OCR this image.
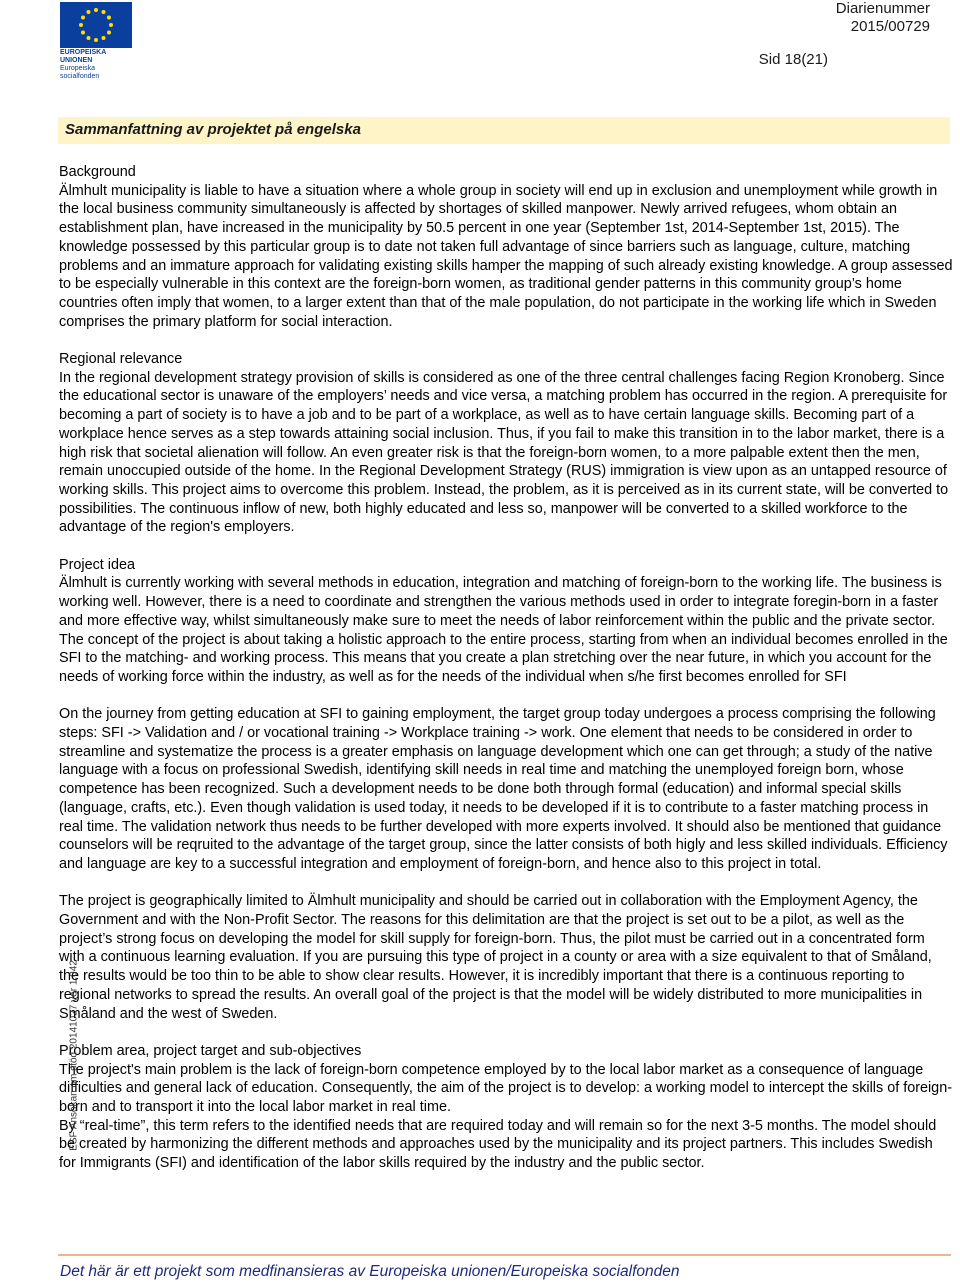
EUROPEISKA UNIONEN
Europeiska socialfonden
Diarienummer
2015/00729
Sid 18(21)
Sammanfattning av projektet på engelska
Background
Älmhult municipality is liable to have a situation where a whole group in society will end up in exclusion and unemployment while growth in the local business community simultaneously is affected by shortages of skilled manpower. Newly arrived refugees, whom obtain an establishment plan, have increased in the municipality by 50.5 percent in one year (September 1st, 2014-September 1st, 2015). The knowledge possessed by this particular group is to date not taken full advantage of since barriers such as language, culture, matching problems and an immature approach for validating existing skills hamper the mapping of such already existing knowledge. A group assessed to be especially vulnerable in this context are the foreign-born women, as traditional gender patterns in this community group’s home countries often imply that women, to a larger extent than that of the male population, do not participate in the working life which in Sweden comprises the primary platform for social interaction.
Regional relevance
In the regional development strategy provision of skills is considered as one of the three central challenges facing Region Kronoberg. Since the educational sector is unaware of the employers’ needs and vice versa, a matching problem has occurred in the region. A prerequisite for becoming a part of society is to have a job and to be part of a workplace, as well as to have certain language skills. Becoming part of a workplace hence serves as a step towards attaining social inclusion. Thus, if you fail to make this transition in to the labor market, there is a high risk that societal alienation will follow. An even greater risk is that the foreign-born women, to a more palpable extent then the men, remain unoccupied outside of the home. In the Regional Development Strategy (RUS) immigration is view upon as an untapped resource of working skills. This project aims to overcome this problem. Instead, the problem, as it is perceived as in its current state, will be converted to possibilities. The continuous inflow of new, both highly educated and less so, manpower will be converted to a skilled workforce to the advantage of the region's employers.
Project idea
Älmhult is currently working with several methods in education, integration and matching of foreign-born to the working life. The business is working well. However, there is a need to coordinate and strengthen the various methods used in order to integrate foregin-born in a faster and more effective way, whilst simultaneously make sure to meet the needs of labor reinforcement within the public and the private sector. The concept of the project is about taking a holistic approach to the entire process, starting from when an individual becomes enrolled in the SFI to the matching- and working process. This means that you create a plan stretching over the near future, in which you account for the needs of working force within the industry, as well as for the needs of the individual when s/he first becomes enrolled for SFI
On the journey from getting education at SFI to gaining employment, the target group today undergoes a process comprising the following steps: SFI -> Validation and / or vocational training -> Workplace training -> work. One element that needs to be considered in order to streamline and systematize the process is a greater emphasis on language development which one can get through; a study of the native language with a focus on professional Swedish, identifying skill needs in real time and matching the unemployed foreign born, whose competence has been recognized. Such a development needs to be done both through formal (education) and informal special skills (language, crafts, etc.). Even though validation is used today, it needs to be developed if it is to contribute to a faster matching process in real time. The validation network thus needs to be further developed with more experts involved. It should also be mentioned that guidance counselors will be reqruited to the advantage of the target group, since the latter consists of both higly and less skilled individuals. Efficiency and language are key to a successful integration and employment of foreign-born, and hence also to this project in total.
The project is geographically limited to Älmhult municipality and should be carried out in collaboration with the Employment Agency, the Government and with the Non-Profit Sector. The reasons for this delimitation are that the project is set out to be a pilot, as well as the project’s strong focus on developing the model for skill supply for foreign-born. Thus, the pilot must be carried out in a concentrated form with a continuous learning evaluation. If you are pursuing this type of project in a county or area with a size equivalent to that of Småland, the results would be too thin to be able to show clear results. However, it is incredibly important that there is a continuous reporting to regional networks to spread the results. An overall goal of the project is that the model will be widely distributed to more municipalities in Småland and the west of Sweden.
Problem area, project target and sub-objectives
The project's main problem is the lack of foreign-born competence employed by to the local labor market as a consequence of language difficulties and general lack of education. Consequently, the aim of the project is to develop: a working model to intercept the skills of foreign-born and to transport it into the local labor market in real time.
By “real-time”, this term refers to the identified needs that are required today and will remain so for the next 3-5 months. The model should be created by harmonizing the different methods and approaches used by the municipality and its project partners. This includes Swedish for Immigrants (SFI) and identification of the labor skills required by the industry and the public sector.
ESF Ansökan om stöd 20141027 ver 1.042
Det här är ett projekt som medfinansieras av Europeiska unionen/Europeiska socialfonden
